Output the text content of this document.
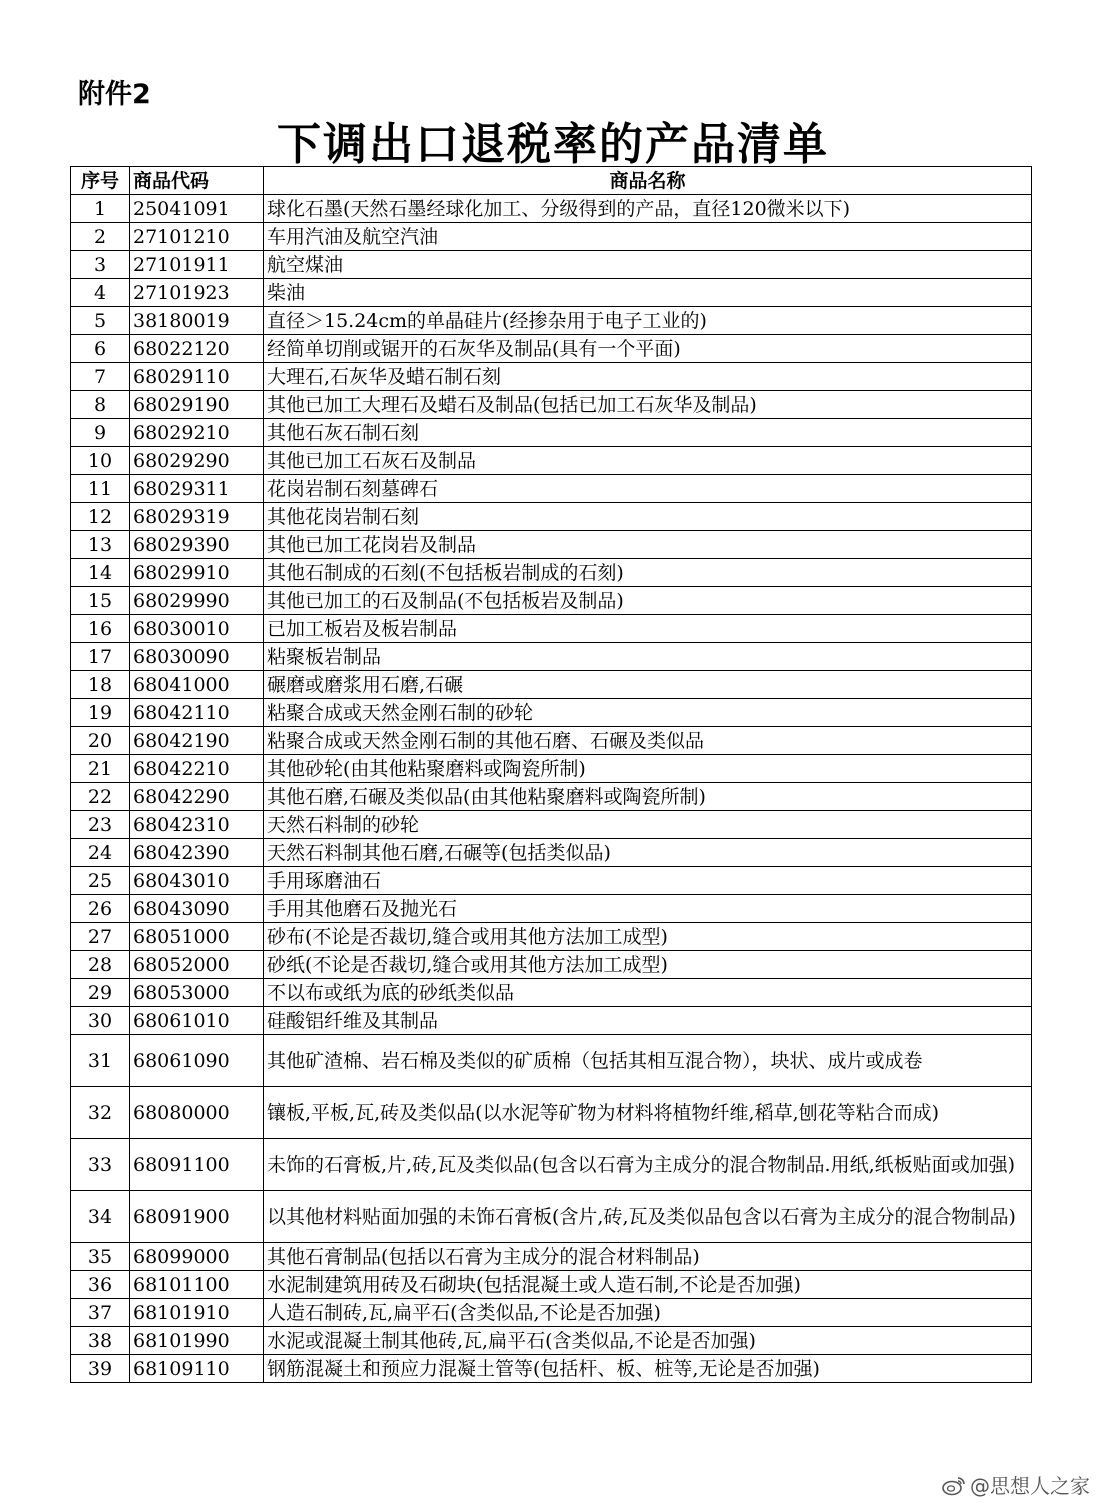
附件2
下调出口退税率的产品清单
序号	商品代码	商品名称
1	25041091	球化石墨(天然石墨经球化加工、分级得到的产品，直径120微米以下)
2	27101210	车用汽油及航空汽油
3	27101911	航空煤油
4	27101923	柴油
5	38180019	直径＞15.24cm的单晶硅片(经掺杂用于电子工业的)
6	68022120	经简单切削或锯开的石灰华及制品(具有一个平面)
7	68029110	大理石,石灰华及蜡石制石刻
8	68029190	其他已加工大理石及蜡石及制品(包括已加工石灰华及制品)
9	68029210	其他石灰石制石刻
10	68029290	其他已加工石灰石及制品
11	68029311	花岗岩制石刻墓碑石
12	68029319	其他花岗岩制石刻
13	68029390	其他已加工花岗岩及制品
14	68029910	其他石制成的石刻(不包括板岩制成的石刻)
15	68029990	其他已加工的石及制品(不包括板岩及制品)
16	68030010	已加工板岩及板岩制品
17	68030090	粘聚板岩制品
18	68041000	碾磨或磨浆用石磨,石碾
19	68042110	粘聚合成或天然金刚石制的砂轮
20	68042190	粘聚合成或天然金刚石制的其他石磨、石碾及类似品
21	68042210	其他砂轮(由其他粘聚磨料或陶瓷所制)
22	68042290	其他石磨,石碾及类似品(由其他粘聚磨料或陶瓷所制)
23	68042310	天然石料制的砂轮
24	68042390	天然石料制其他石磨,石碾等(包括类似品)
25	68043010	手用琢磨油石
26	68043090	手用其他磨石及抛光石
27	68051000	砂布(不论是否裁切,缝合或用其他方法加工成型)
28	68052000	砂纸(不论是否裁切,缝合或用其他方法加工成型)
29	68053000	不以布或纸为底的砂纸类似品
30	68061010	硅酸铝纤维及其制品
31	68061090	其他矿渣棉、岩石棉及类似的矿质棉（包括其相互混合物），块状、成片或成卷
32	68080000	镶板,平板,瓦,砖及类似品(以水泥等矿物为材料将植物纤维,稻草,刨花等粘合而成)
33	68091100	未饰的石膏板,片,砖,瓦及类似品(包含以石膏为主成分的混合物制品.用纸,纸板贴面或加强)
34	68091900	以其他材料贴面加强的未饰石膏板(含片,砖,瓦及类似品包含以石膏为主成分的混合物制品)
35	68099000	其他石膏制品(包括以石膏为主成分的混合材料制品)
36	68101100	水泥制建筑用砖及石砌块(包括混凝土或人造石制,不论是否加强)
37	68101910	人造石制砖,瓦,扁平石(含类似品,不论是否加强)
38	68101990	水泥或混凝土制其他砖,瓦,扁平石(含类似品,不论是否加强)
39	68109110	钢筋混凝土和预应力混凝土管等(包括杆、板、桩等,无论是否加强)
@思想人之家
